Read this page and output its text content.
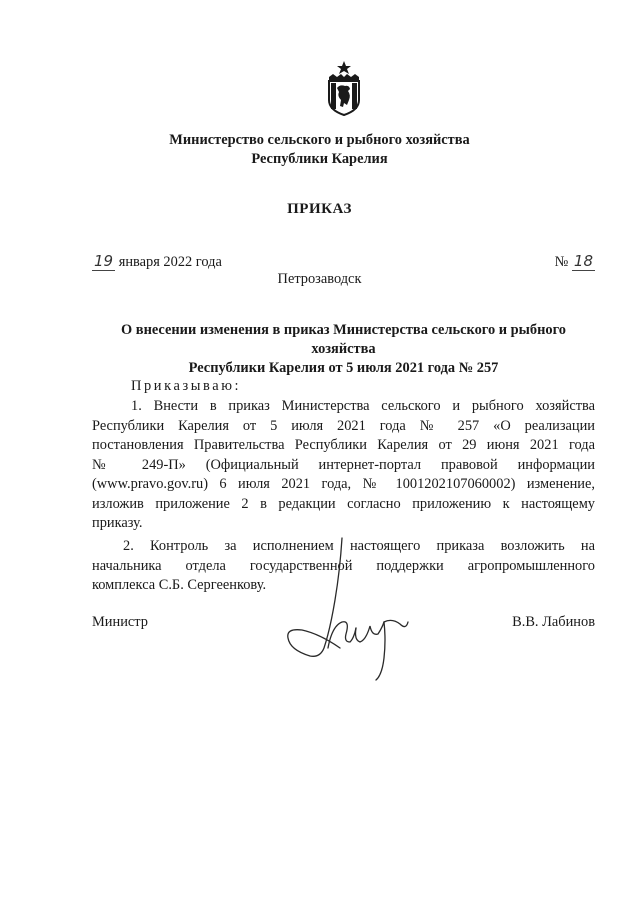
Министерство сельского и рыбного хозяйства
Республики Карелия
ПРИКАЗ
19 января 2022 года	№ 18
Петрозаводск
О внесении изменения в приказ Министерства сельского и рыбного хозяйства
Республики Карелия от 5 июля 2021 года № 257
Приказываю:
1. Внести в приказ Министерства сельского и рыбного хозяйства
Республики Карелия от 5 июля 2021 года № 257 «О реализации
постановления Правительства Республики Карелия от 29 июня 2021 года
№ 249-П» (Официальный интернет-портал правовой информации
(www.pravo.gov.ru) 6 июля 2021 года, № 1001202107060002) изменение,
изложив приложение 2 в редакции согласно приложению к настоящему
приказу.
2. Контроль за исполнением настоящего приказа возложить на
начальника отдела государственной поддержки агропромышленного
комплекса С.Б. Сергеенкову.
Министр	В.В. Лабинов
